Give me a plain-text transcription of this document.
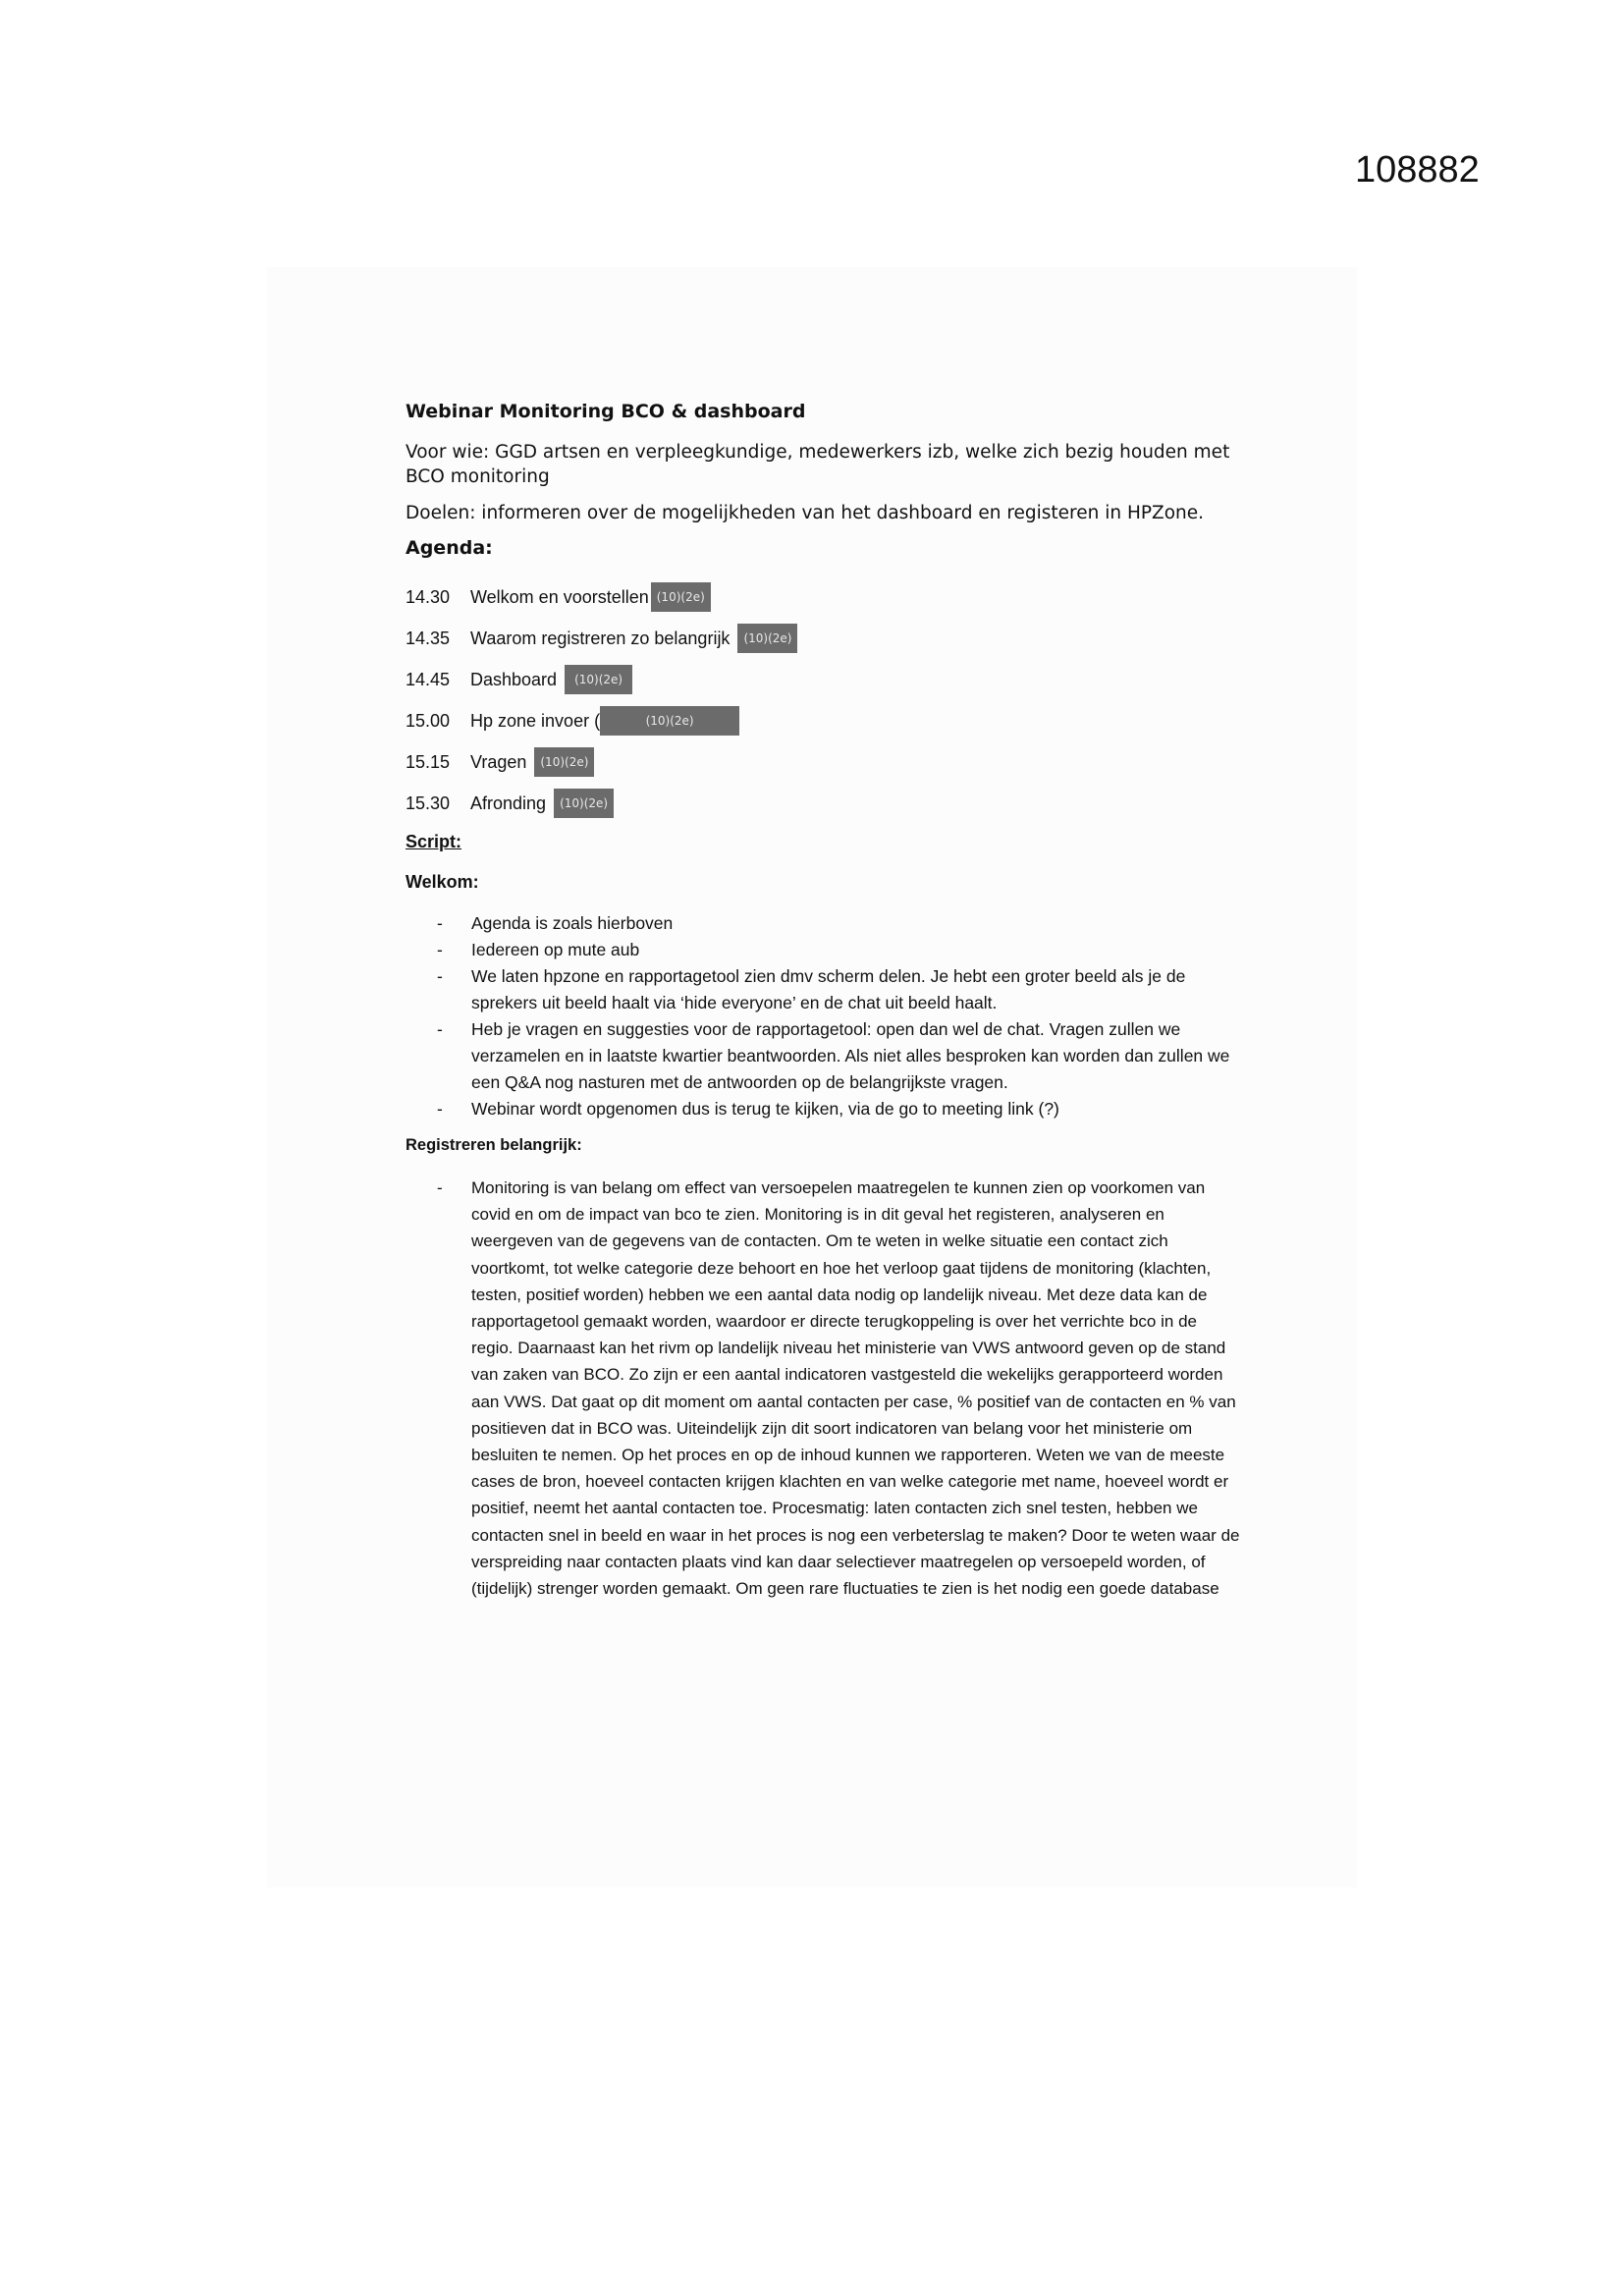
108882
Webinar Monitoring BCO & dashboard

Voor wie: GGD artsen en verpleegkundige, medewerkers izb, welke zich bezig houden met BCO monitoring

Doelen: informeren over de mogelijkheden van het dashboard en registeren in HPZone.

Agenda:
14.30	Welkom en voorstellen (10)(2e)
14.35	Waarom registreren zo belangrijk	(10)(2e)
14.45	Dashboard	(10)(2e)
15.00	Hp zone invoer (	(10)(2e)
15.15	Vragen	(10)(2e)
15.30	Afronding	(10)(2e)
Script:
Welkom:
- Agenda is zoals hierboven
- Iedereen op mute aub
- We laten hpzone en rapportagetool zien dmv scherm delen. Je hebt een groter beeld als je de sprekers uit beeld haalt via ‘hide everyone’ en de chat uit beeld haalt.
- Heb je vragen en suggesties voor de rapportagetool: open dan wel de chat. Vragen zullen we verzamelen en in laatste kwartier beantwoorden. Als niet alles besproken kan worden dan zullen we een Q&A nog nasturen met de antwoorden op de belangrijkste vragen.
- Webinar wordt opgenomen dus is terug te kijken, via de go to meeting link (?)
Registreren belangrijk:
- Monitoring is van belang om effect van versoepelen maatregelen te kunnen zien op voorkomen van covid en om de impact van bco te zien. Monitoring is in dit geval het registeren, analyseren en weergeven van de gegevens van de contacten. Om te weten in welke situatie een contact zich voortkomt, tot welke categorie deze behoort en hoe het verloop gaat tijdens de monitoring (klachten, testen, positief worden) hebben we een aantal data nodig op landelijk niveau. Met deze data kan de rapportagetool gemaakt worden, waardoor er directe terugkoppeling is over het verrichte bco in de regio. Daarnaast kan het rivm op landelijk niveau het ministerie van VWS antwoord geven op de stand van zaken van BCO. Zo zijn er een aantal indicatoren vastgesteld die wekelijks gerapporteerd worden aan VWS. Dat gaat op dit moment om aantal contacten per case, % positief van de contacten en % van positieven dat in BCO was. Uiteindelijk zijn dit soort indicatoren van belang voor het ministerie om besluiten te nemen. Op het proces en op de inhoud kunnen we rapporteren. Weten we van de meeste cases de bron, hoeveel contacten krijgen klachten en van welke categorie met name, hoeveel wordt er positief, neemt het aantal contacten toe. Procesmatig: laten contacten zich snel testen, hebben we contacten snel in beeld en waar in het proces is nog een verbeterslag te maken? Door te weten waar de verspreiding naar contacten plaats vind kan daar selectiever maatregelen op versoepeld worden, of (tijdelijk) strenger worden gemaakt. Om geen rare fluctuaties te zien is het nodig een goede database
